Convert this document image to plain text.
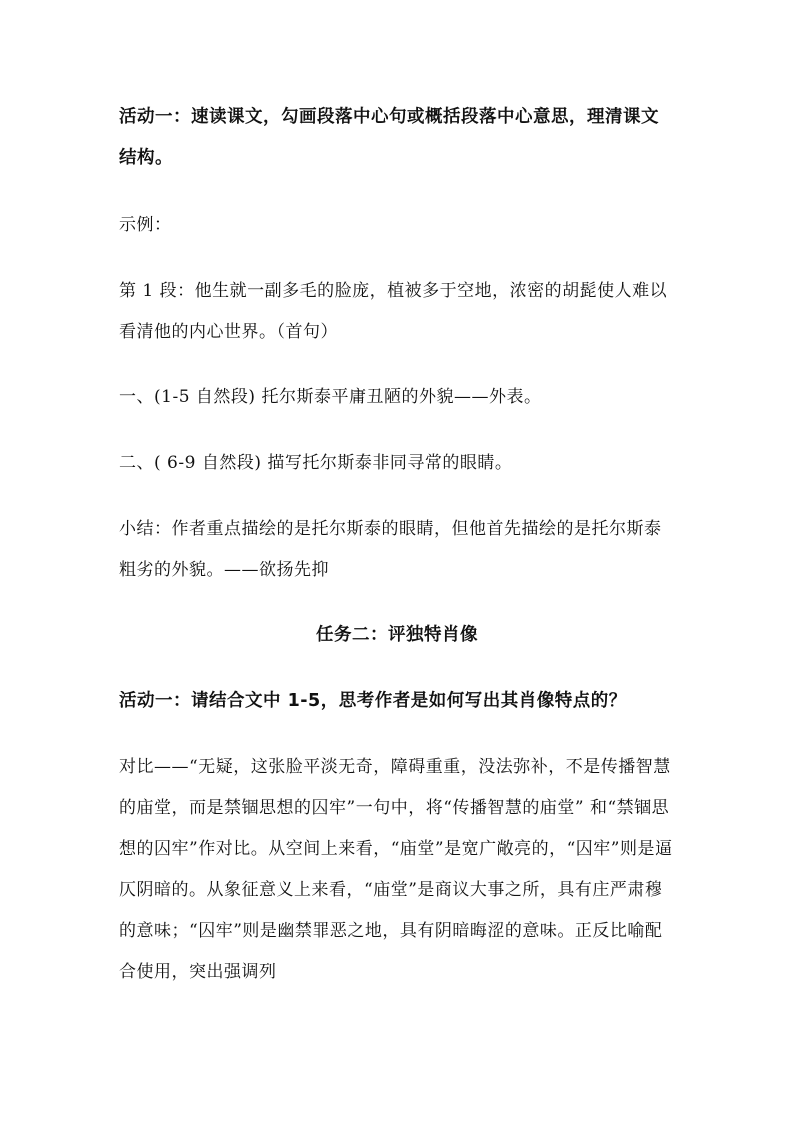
活动一：速读课文，勾画段落中心句或概括段落中心意思，理清课文结构。

示例：

第 1 段：他生就一副多毛的脸庞，植被多于空地，浓密的胡髭使人难以看清他的内心世界。（首句）

一、(1-5 自然段) 托尔斯泰平庸丑陋的外貌——外表。

二、( 6-9 自然段) 描写托尔斯泰非同寻常的眼睛。

小结：作者重点描绘的是托尔斯泰的眼睛，但他首先描绘的是托尔斯泰粗劣的外貌。——欲扬先抑

任务二：评独特肖像

活动一：请结合文中 1-5，思考作者是如何写出其肖像特点的？

对比——“无疑，这张脸平淡无奇，障碍重重，没法弥补，不是传播智慧的庙堂，而是禁锢思想的囚牢”一句中，将“传播智慧的庙堂” 和“禁锢思想的囚牢”作对比。从空间上来看，“庙堂”是宽广敞亮的，“囚牢”则是逼仄阴暗的。从象征意义上来看，“庙堂”是商议大事之所，具有庄严肃穆的意味；“囚牢”则是幽禁罪恶之地，具有阴暗晦涩的意味。正反比喻配合使用，突出强调列
